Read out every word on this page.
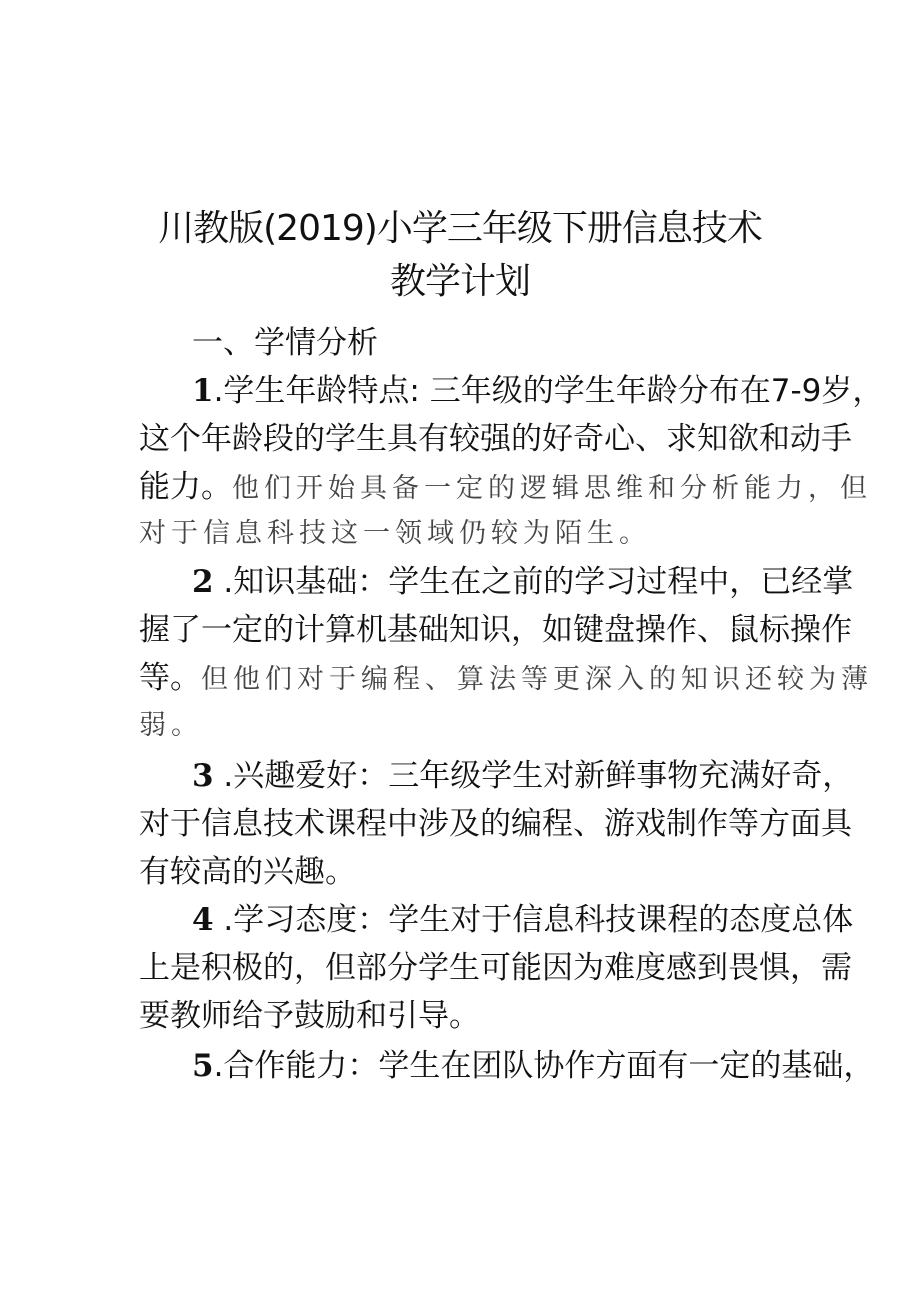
川教版(2019)小学三年级下册信息技术
教学计划
一、学情分析
1.学生年龄特点: 三年级的学生年龄分布在7-9岁，
这个年龄段的学生具有较强的好奇心、求知欲和动手
能力。他们开始具备一定的逻辑思维和分析能力，但
对于信息科技这一领域仍较为陌生。
2 .知识基础：学生在之前的学习过程中，已经掌
握了一定的计算机基础知识，如键盘操作、鼠标操作
等。但他们对于编程、算法等更深入的知识还较为薄
弱。
3 .兴趣爱好：三年级学生对新鲜事物充满好奇，
对于信息技术课程中涉及的编程、游戏制作等方面具
有较高的兴趣。
4 .学习态度：学生对于信息科技课程的态度总体
上是积极的，但部分学生可能因为难度感到畏惧，需
要教师给予鼓励和引导。
5.合作能力：学生在团队协作方面有一定的基础，
